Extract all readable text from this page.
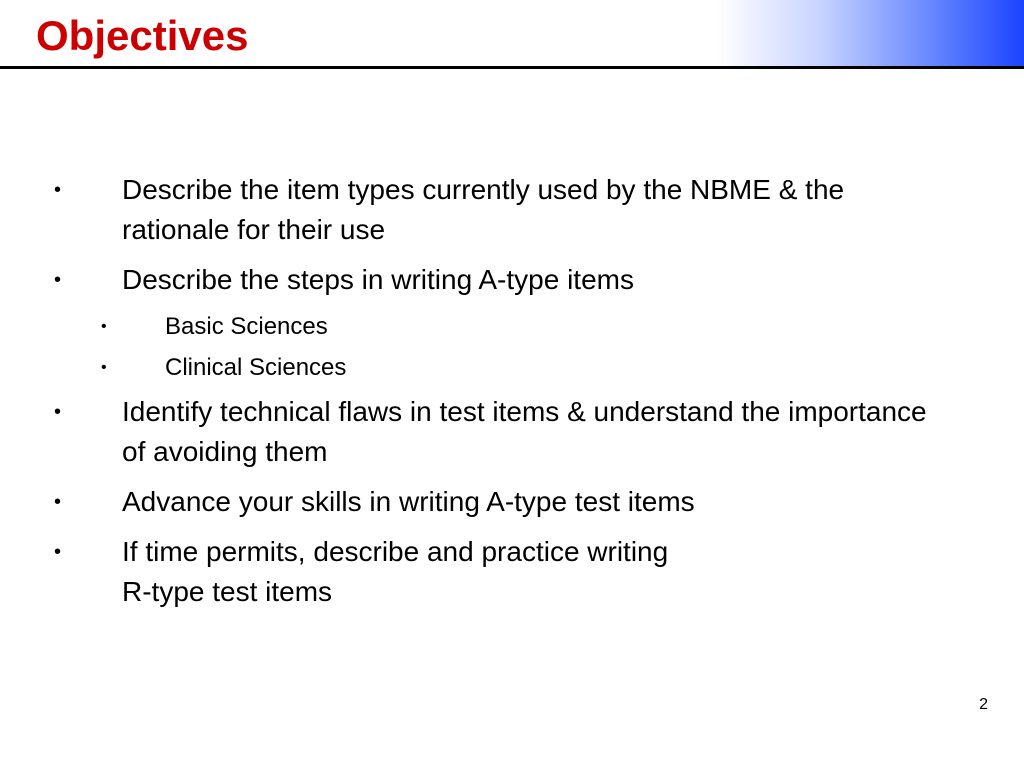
Objectives
• Describe the item types currently used by the NBME & the rationale for their use
• Describe the steps in writing A-type items
• Basic Sciences
• Clinical Sciences
• Identify technical flaws in test items & understand the importance of avoiding them
• Advance your skills in writing A-type test items
• If time permits, describe and practice writing
R-type test items
2
